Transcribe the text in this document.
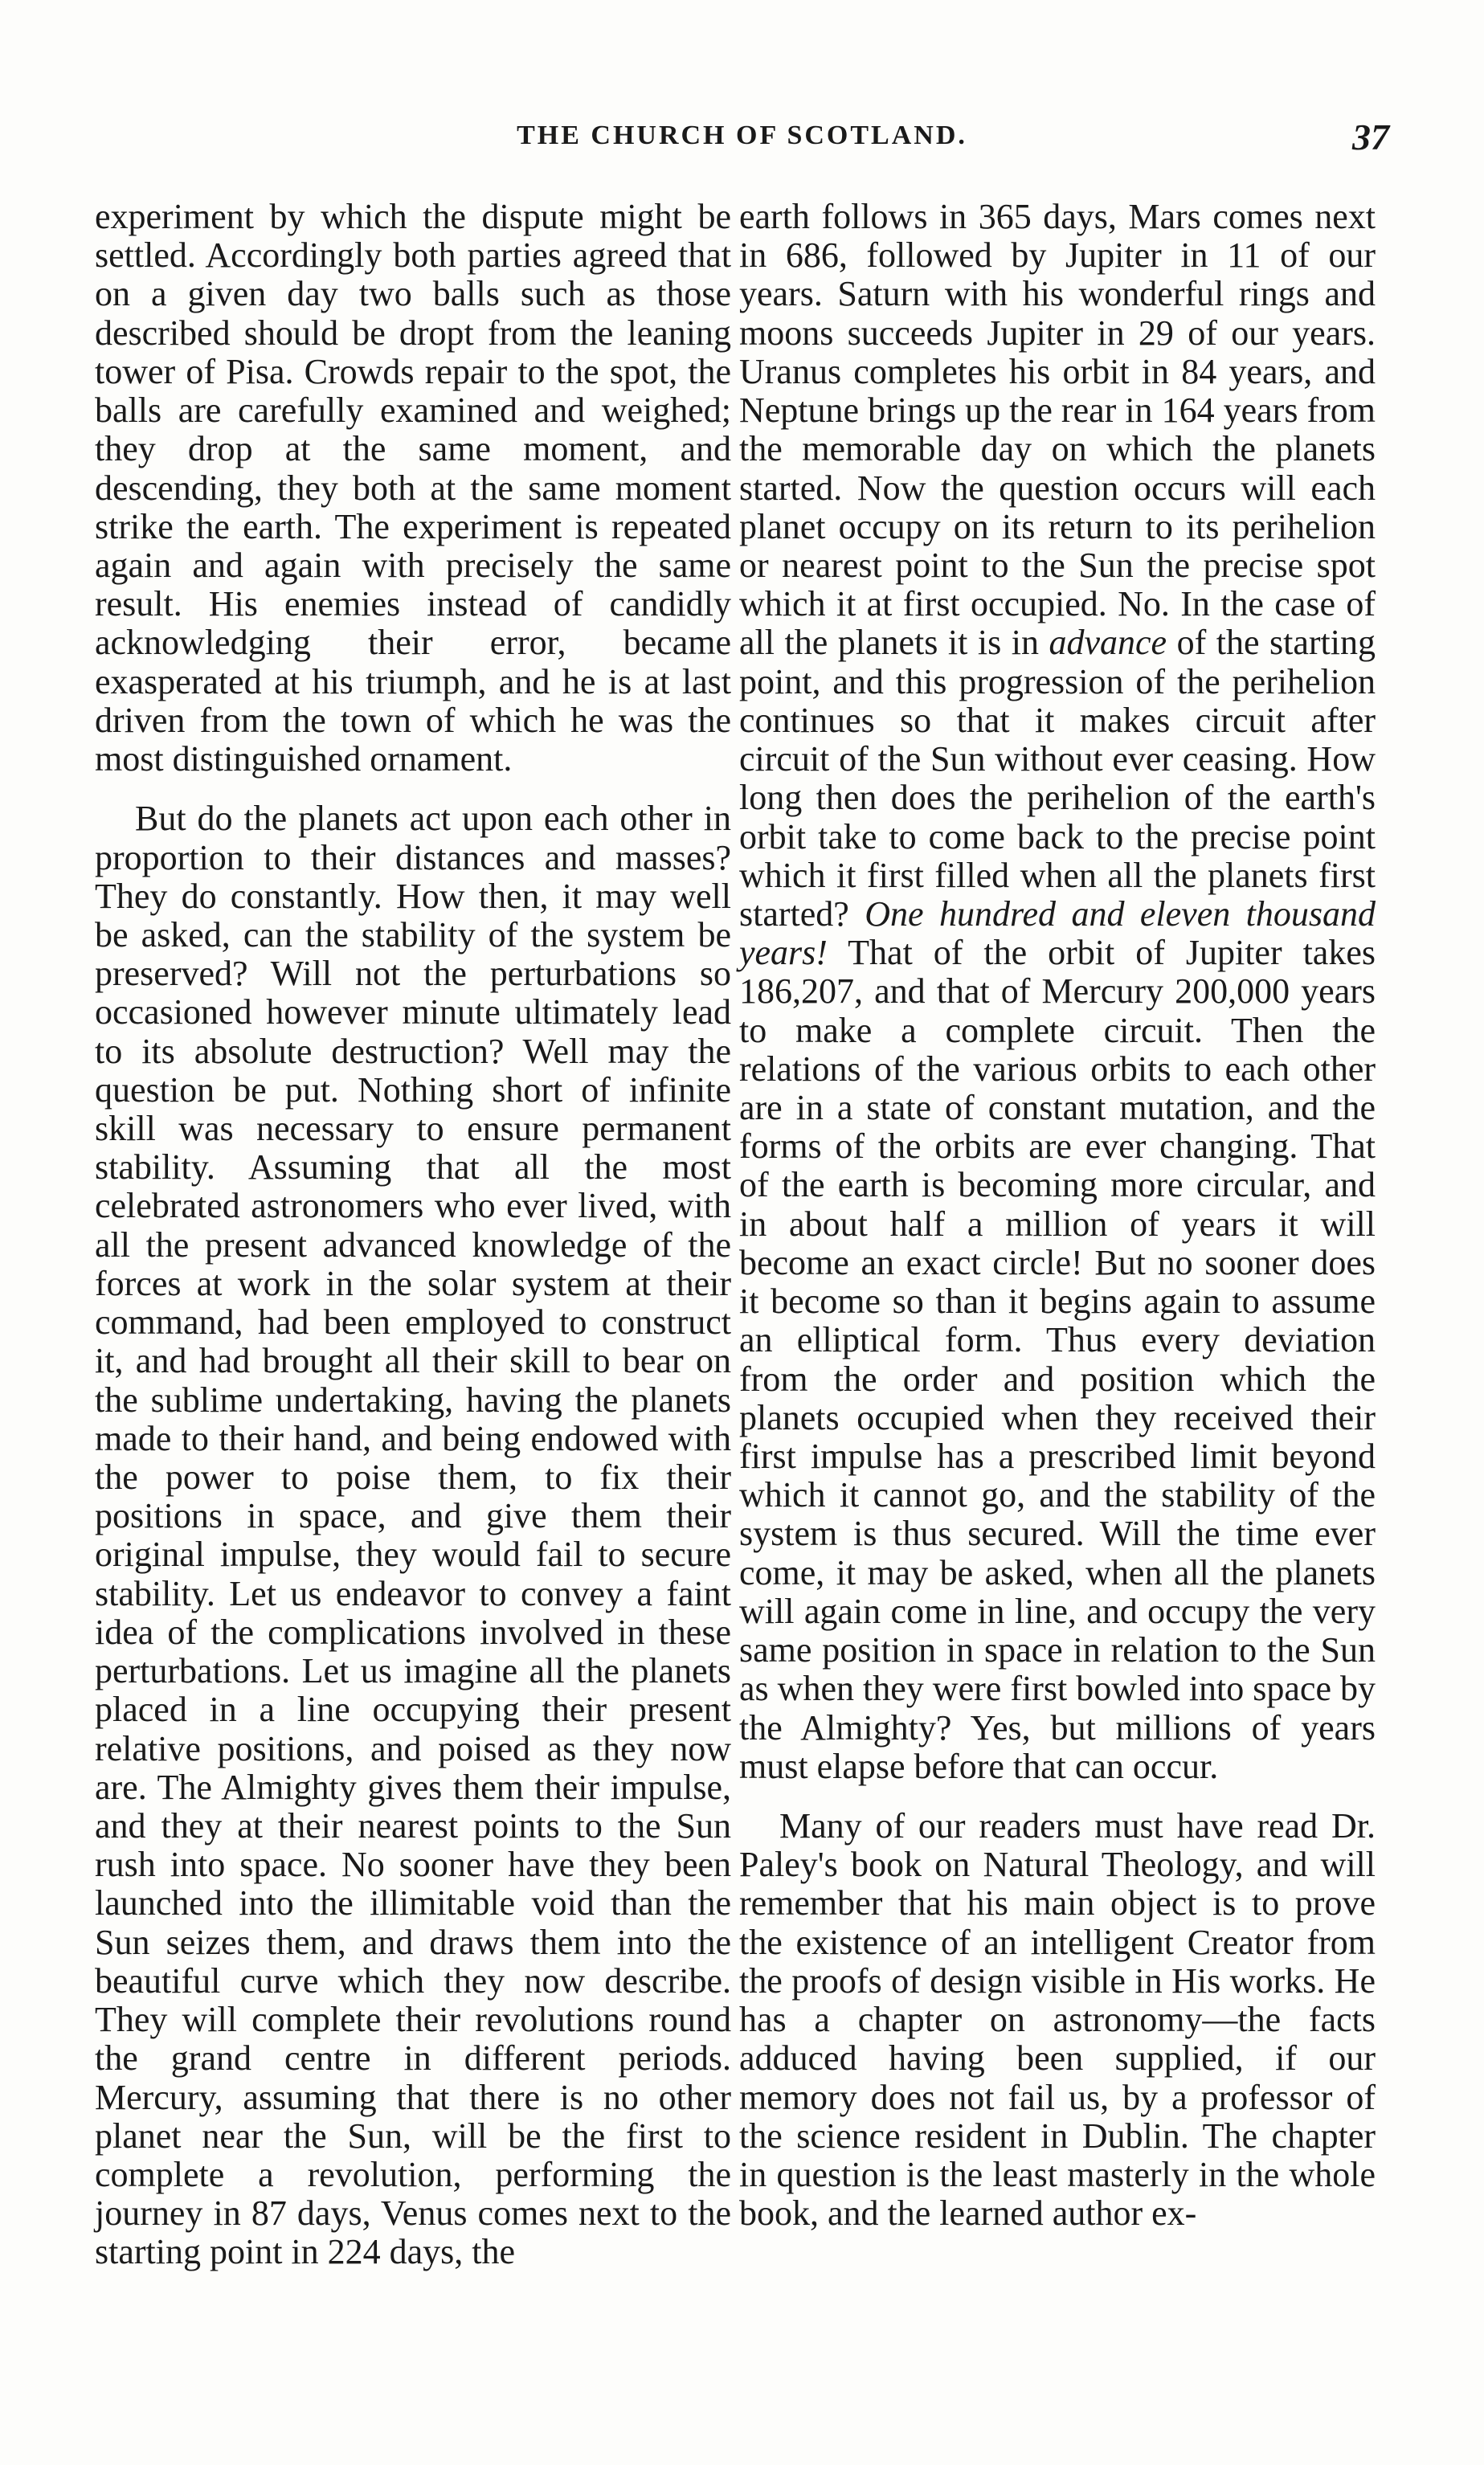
THE CHURCH OF SCOTLAND.	37

experiment by which the dispute might be settled. Accordingly both parties agreed that on a given day two balls such as those described should be dropt from the leaning tower of Pisa. Crowds repair to the spot, the balls are carefully examined and weighed; they drop at the same moment, and descending, they both at the same moment strike the earth. The experiment is repeated again and again with precisely the same result. His enemies instead of candidly acknowledging their error, became exasperated at his triumph, and he is at last driven from the town of which he was the most distinguished ornament.

But do the planets act upon each other in proportion to their distances and masses? They do constantly. How then, it may well be asked, can the stability of the system be preserved? Will not the perturbations so occasioned however minute ultimately lead to its absolute destruction? Well may the question be put. Nothing short of infinite skill was necessary to ensure permanent stability. Assuming that all the most celebrated astronomers who ever lived, with all the present advanced knowledge of the forces at work in the solar system at their command, had been employed to construct it, and had brought all their skill to bear on the sublime undertaking, having the planets made to their hand, and being endowed with the power to poise them, to fix their positions in space, and give them their original impulse, they would fail to secure stability. Let us endeavor to convey a faint idea of the complications involved in these perturbations. Let us imagine all the planets placed in a line occupying their present relative positions, and poised as they now are. The Almighty gives them their impulse, and they at their nearest points to the Sun rush into space. No sooner have they been launched into the illimitable void than the Sun seizes them, and draws them into the beautiful curve which they now describe. They will complete their revolutions round the grand centre in different periods. Mercury, assuming that there is no other planet near the Sun, will be the first to complete a revolution, performing the journey in 87 days, Venus comes next to the starting point in 224 days, the

earth follows in 365 days, Mars comes next in 686, followed by Jupiter in 11 of our years. Saturn with his wonderful rings and moons succeeds Jupiter in 29 of our years. Uranus completes his orbit in 84 years, and Neptune brings up the rear in 164 years from the memorable day on which the planets started. Now the question occurs will each planet occupy on its return to its perihelion or nearest point to the Sun the precise spot which it at first occupied. No. In the case of all the planets it is in advance of the starting point, and this progression of the perihelion continues so that it makes circuit after circuit of the Sun without ever ceasing. How long then does the perihelion of the earth's orbit take to come back to the precise point which it first filled when all the planets first started? One hundred and eleven thousand years! That of the orbit of Jupiter takes 186,207, and that of Mercury 200,000 years to make a complete circuit. Then the relations of the various orbits to each other are in a state of constant mutation, and the forms of the orbits are ever changing. That of the earth is becoming more circular, and in about half a million of years it will become an exact circle! But no sooner does it become so than it begins again to assume an elliptical form. Thus every deviation from the order and position which the planets occupied when they received their first impulse has a prescribed limit beyond which it cannot go, and the stability of the system is thus secured. Will the time ever come, it may be asked, when all the planets will again come in line, and occupy the very same position in space in relation to the Sun as when they were first bowled into space by the Almighty? Yes, but millions of years must elapse before that can occur.

Many of our readers must have read Dr. Paley's book on Natural Theology, and will remember that his main object is to prove the existence of an intelligent Creator from the proofs of design visible in His works. He has a chapter on astronomy—the facts adduced having been supplied, if our memory does not fail us, by a professor of the science resident in Dublin. The chapter in question is the least masterly in the whole book, and the learned author ex-
